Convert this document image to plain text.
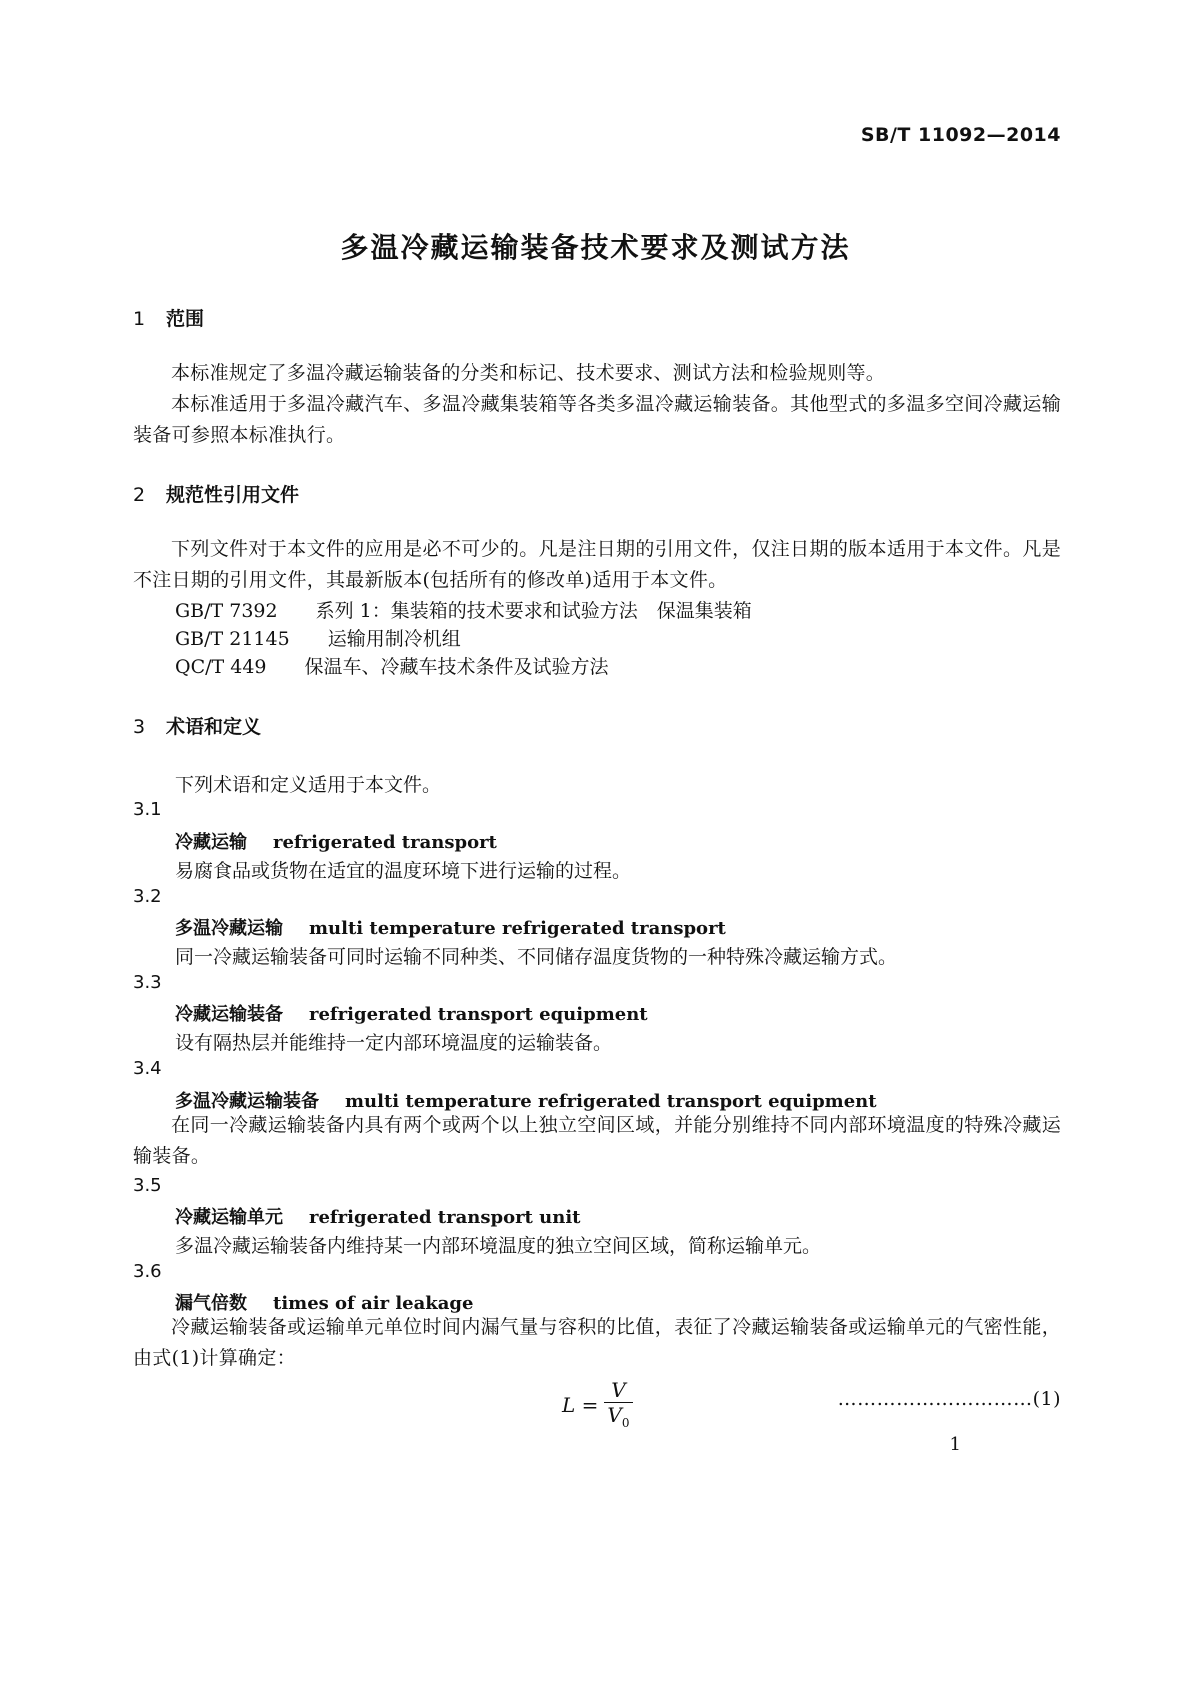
SB/T 11092—2014
多温冷藏运输装备技术要求及测试方法
1 范围
本标准规定了多温冷藏运输装备的分类和标记、技术要求、测试方法和检验规则等。
本标准适用于多温冷藏汽车、多温冷藏集装箱等各类多温冷藏运输装备。其他型式的多温多空间冷藏运输装备可参照本标准执行。
2 规范性引用文件
下列文件对于本文件的应用是必不可少的。凡是注日期的引用文件，仅注日期的版本适用于本文件。凡是不注日期的引用文件，其最新版本(包括所有的修改单)适用于本文件。
GB/T 7392 系列 1：集装箱的技术要求和试验方法　保温集装箱
GB/T 21145 运输用制冷机组
QC/T 449 保温车、冷藏车技术条件及试验方法
3 术语和定义
下列术语和定义适用于本文件。
3.1
冷藏运输 refrigerated transport
易腐食品或货物在适宜的温度环境下进行运输的过程。
3.2
多温冷藏运输 multi temperature refrigerated transport
同一冷藏运输装备可同时运输不同种类、不同储存温度货物的一种特殊冷藏运输方式。
3.3
冷藏运输装备 refrigerated transport equipment
设有隔热层并能维持一定内部环境温度的运输装备。
3.4
多温冷藏运输装备 multi temperature refrigerated transport equipment
在同一冷藏运输装备内具有两个或两个以上独立空间区域，并能分别维持不同内部环境温度的特殊冷藏运输装备。
3.5
冷藏运输单元 refrigerated transport unit
多温冷藏运输装备内维持某一内部环境温度的独立空间区域，简称运输单元。
3.6
漏气倍数 times of air leakage
冷藏运输装备或运输单元单位时间内漏气量与容积的比值，表征了冷藏运输装备或运输单元的气密性能，由式(1)计算确定：
$L = \frac{V}{V_0}$	…………………………(1)
1
